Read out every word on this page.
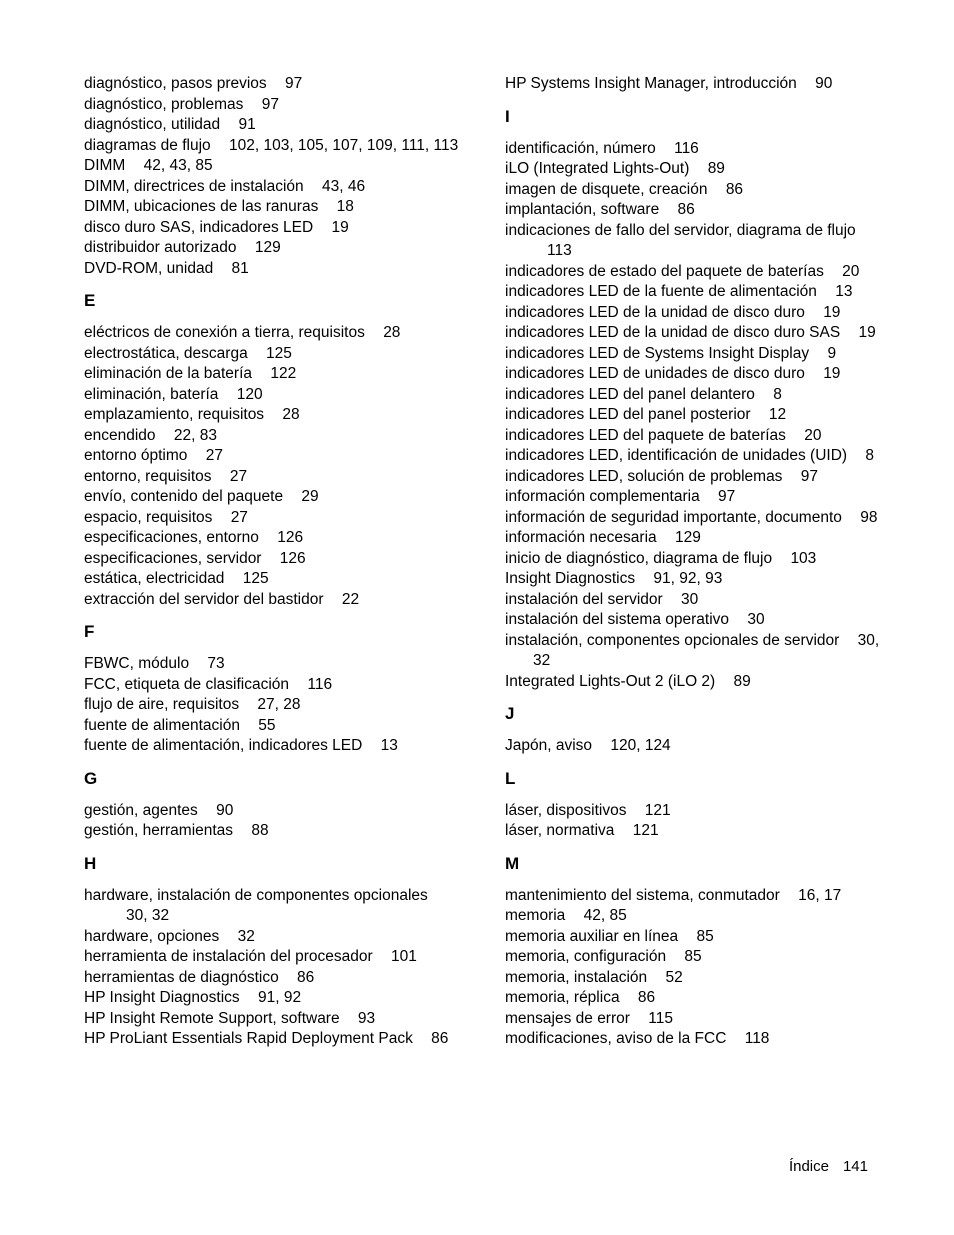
diagnóstico, pasos previos 97
diagnóstico, problemas 97
diagnóstico, utilidad 91
diagramas de flujo 102, 103, 105, 107, 109, 111, 113
DIMM 42, 43, 85
DIMM, directrices de instalación 43, 46
DIMM, ubicaciones de las ranuras 18
disco duro SAS, indicadores LED 19
distribuidor autorizado 129
DVD-ROM, unidad 81
E
eléctricos de conexión a tierra, requisitos 28
electrostática, descarga 125
eliminación de la batería 122
eliminación, batería 120
emplazamiento, requisitos 28
encendido 22, 83
entorno óptimo 27
entorno, requisitos 27
envío, contenido del paquete 29
espacio, requisitos 27
especificaciones, entorno 126
especificaciones, servidor 126
estática, electricidad 125
extracción del servidor del bastidor 22
F
FBWC, módulo 73
FCC, etiqueta de clasificación 116
flujo de aire, requisitos 27, 28
fuente de alimentación 55
fuente de alimentación, indicadores LED 13
G
gestión, agentes 90
gestión, herramientas 88
H
hardware, instalación de componentes opcionales 30, 32
hardware, opciones 32
herramienta de instalación del procesador 101
herramientas de diagnóstico 86
HP Insight Diagnostics 91, 92
HP Insight Remote Support, software 93
HP ProLiant Essentials Rapid Deployment Pack 86
HP Systems Insight Manager, introducción 90
I
identificación, número 116
iLO (Integrated Lights-Out) 89
imagen de disquete, creación 86
implantación, software 86
indicaciones de fallo del servidor, diagrama de flujo 113
indicadores de estado del paquete de baterías 20
indicadores LED de la fuente de alimentación 13
indicadores LED de la unidad de disco duro 19
indicadores LED de la unidad de disco duro SAS 19
indicadores LED de Systems Insight Display 9
indicadores LED de unidades de disco duro 19
indicadores LED del panel delantero 8
indicadores LED del panel posterior 12
indicadores LED del paquete de baterías 20
indicadores LED, identificación de unidades (UID) 8
indicadores LED, solución de problemas 97
información complementaria 97
información de seguridad importante, documento 98
información necesaria 129
inicio de diagnóstico, diagrama de flujo 103
Insight Diagnostics 91, 92, 93
instalación del servidor 30
instalación del sistema operativo 30
instalación, componentes opcionales de servidor 30, 32
Integrated Lights-Out 2 (iLO 2) 89
J
Japón, aviso 120, 124
L
láser, dispositivos 121
láser, normativa 121
M
mantenimiento del sistema, conmutador 16, 17
memoria 42, 85
memoria auxiliar en línea 85
memoria, configuración 85
memoria, instalación 52
memoria, réplica 86
mensajes de error 115
modificaciones, aviso de la FCC 118
Índice 141
